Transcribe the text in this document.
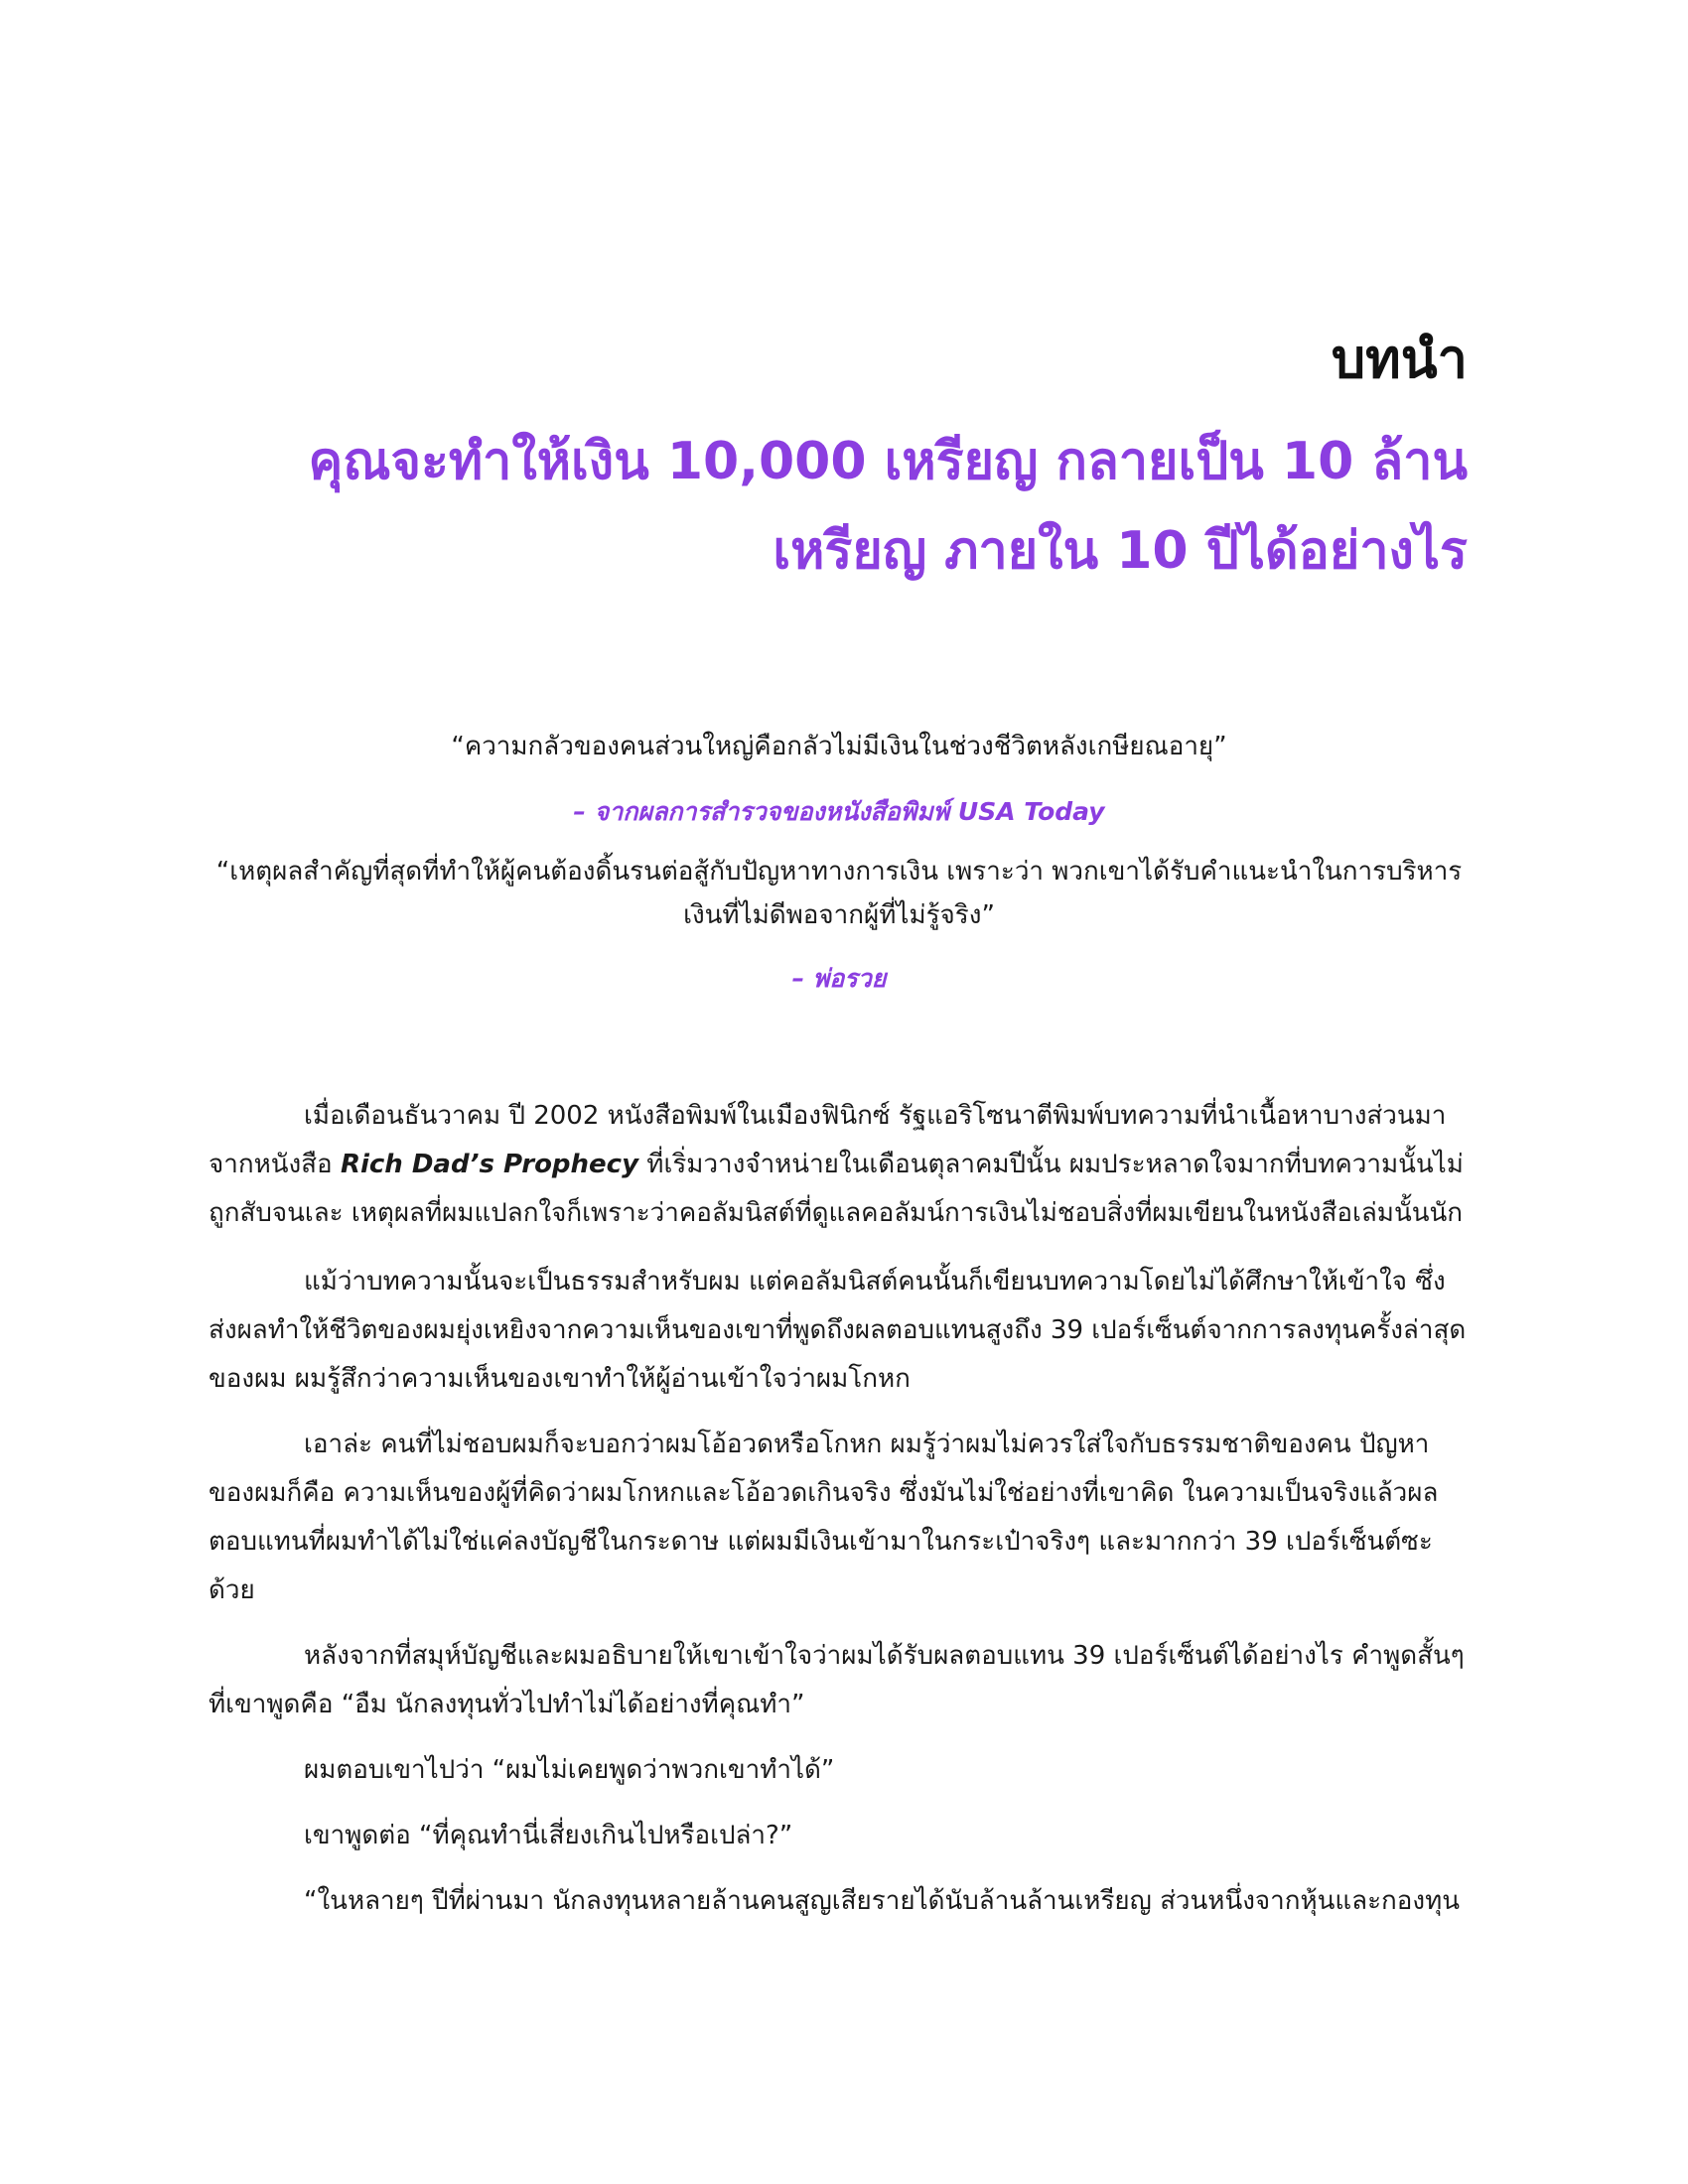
บทนำ
คุณจะทำให้เงิน 10,000 เหรียญ กลายเป็น 10 ล้าน
เหรียญ ภายใน 10 ปีได้อย่างไร

“ความกลัวของคนส่วนใหญ่คือกลัวไม่มีเงินในช่วงชีวิตหลังเกษียณอายุ”

– จากผลการสำรวจของหนังสือพิมพ์ USA Today

“เหตุผลสำคัญที่สุดที่ทำให้ผู้คนต้องดิ้นรนต่อสู้กับปัญหาทางการเงิน เพราะว่า พวกเขาได้รับคำแนะนำในการบริหารเงินที่ไม่ดีพอจากผู้ที่ไม่รู้จริง”

– พ่อรวย

เมื่อเดือนธันวาคม ปี 2002 หนังสือพิมพ์ในเมืองฟินิกซ์ รัฐแอริโซนาตีพิมพ์บทความที่นำเนื้อหาบางส่วนมาจากหนังสือ Rich Dad’s Prophecy ที่เริ่มวางจำหน่ายในเดือนตุลาคมปีนั้น ผมประหลาดใจมากที่บทความนั้นไม่ถูกสับจนเละ เหตุผลที่ผมแปลกใจก็เพราะว่าคอลัมนิสต์ที่ดูแลคอลัมน์การเงินไม่ชอบสิ่งที่ผมเขียนในหนังสือเล่มนั้นนัก

แม้ว่าบทความนั้นจะเป็นธรรมสำหรับผม แต่คอลัมนิสต์คนนั้นก็เขียนบทความโดยไม่ได้ศึกษาให้เข้าใจ ซึ่งส่งผลทำให้ชีวิตของผมยุ่งเหยิงจากความเห็นของเขาที่พูดถึงผลตอบแทนสูงถึง 39 เปอร์เซ็นต์จากการลงทุนครั้งล่าสุดของผม ผมรู้สึกว่าความเห็นของเขาทำให้ผู้อ่านเข้าใจว่าผมโกหก

เอาล่ะ คนที่ไม่ชอบผมก็จะบอกว่าผมโอ้อวดหรือโกหก ผมรู้ว่าผมไม่ควรใส่ใจกับธรรมชาติของคน ปัญหาของผมก็คือ ความเห็นของผู้ที่คิดว่าผมโกหกและโอ้อวดเกินจริง ซึ่งมันไม่ใช่อย่างที่เขาคิด ในความเป็นจริงแล้วผลตอบแทนที่ผมทำได้ไม่ใช่แค่ลงบัญชีในกระดาษ แต่ผมมีเงินเข้ามาในกระเป๋าจริงๆ และมากกว่า 39 เปอร์เซ็นต์ซะด้วย

หลังจากที่สมุห์บัญชีและผมอธิบายให้เขาเข้าใจว่าผมได้รับผลตอบแทน 39 เปอร์เซ็นต์ได้อย่างไร คำพูดสั้นๆ ที่เขาพูดคือ “อืม นักลงทุนทั่วไปทำไม่ได้อย่างที่คุณทำ”

ผมตอบเขาไปว่า “ผมไม่เคยพูดว่าพวกเขาทำได้”

เขาพูดต่อ “ที่คุณทำนี่เสี่ยงเกินไปหรือเปล่า?”

“ในหลายๆ ปีที่ผ่านมา นักลงทุนหลายล้านคนสูญเสียรายได้นับล้านล้านเหรียญ ส่วนหนึ่งจากหุ้นและกองทุน
